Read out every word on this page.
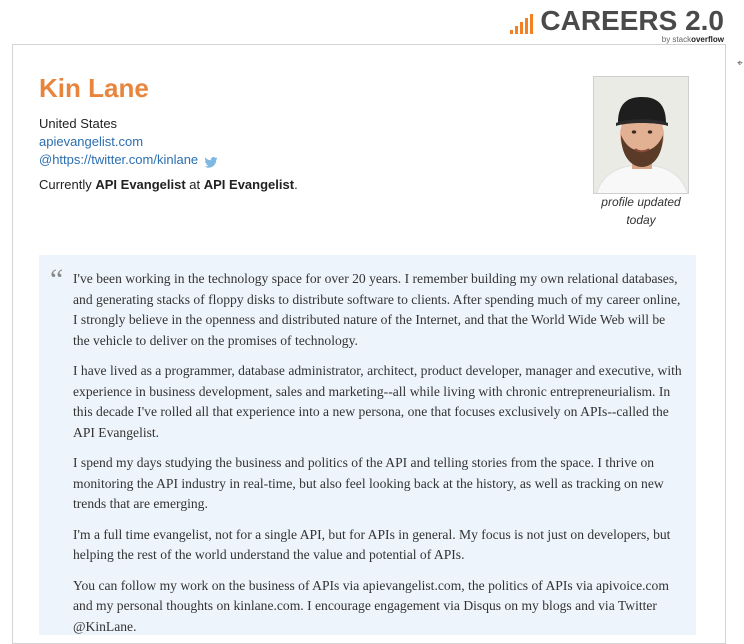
CAREERS 2.0
by stackoverflow
⌖
Kin Lane
United States
apievangelist.com
@https://twitter.com/kinlane
Currently API Evangelist at API Evangelist.
profile updated
today
“ I've been working in the technology space for over 20 years. I remember building my own relational databases, and generating stacks of floppy disks to distribute software to clients. After spending much of my career online, I strongly believe in the openness and distributed nature of the Internet, and that the World Wide Web will be the vehicle to deliver on the promises of technology.

I have lived as a programmer, database administrator, architect, product developer, manager and executive, with experience in business development, sales and marketing--all while living with chronic entrepreneurialism. In this decade I've rolled all that experience into a new persona, one that focuses exclusively on APIs--called the API Evangelist.

I spend my days studying the business and politics of the API and telling stories from the space. I thrive on monitoring the API industry in real-time, but also feel looking back at the history, as well as tracking on new trends that are emerging.

I'm a full time evangelist, not for a single API, but for APIs in general. My focus is not just on developers, but helping the rest of the world understand the value and potential of APIs.

You can follow my work on the business of APIs via apievangelist.com, the politics of APIs via apivoice.com and my personal thoughts on kinlane.com. I encourage engagement via Disqus on my blogs and via Twitter @KinLane.
